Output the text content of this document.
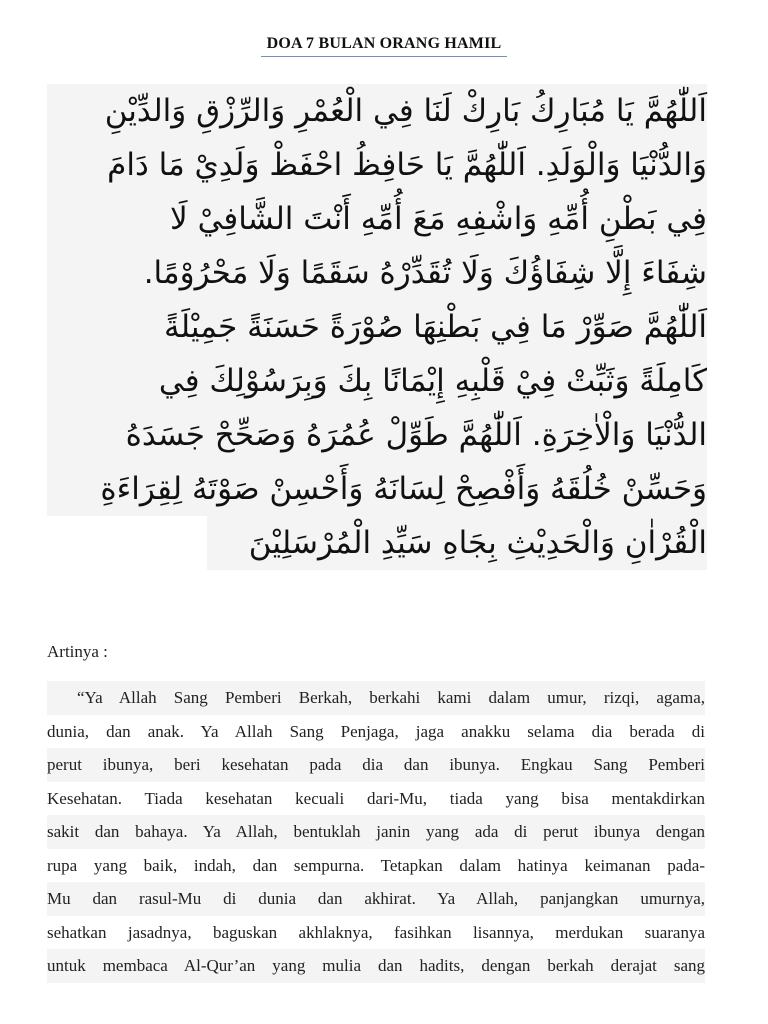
DOA 7 BULAN ORANG HAMIL
اَللّٰهُمَّ يَا مُبَارِكُ بَارِكْ لَنَا فِي الْعُمْرِ وَالرِّزْقِ وَالدِّيْنِ
وَالدُّنْيَا وَالْوَلَدِ. اَللّٰهُمَّ يَا حَافِظُ احْفَظْ وَلَدِيْ مَا دَامَ
فِي بَطْنِ أُمِّهِ وَاشْفِهِ مَعَ أُمِّهِ أَنْتَ الشَّافِيْ لَا
شِفَاءَ إِلَّا شِفَاؤُكَ وَلَا تُقَدِّرْهُ سَقَمًا وَلَا مَحْرُوْمًا.
اَللّٰهُمَّ صَوِّرْ مَا فِي بَطْنِهَا صُوْرَةً حَسَنَةً جَمِيْلَةً
كَامِلَةً وَثَبِّتْ فِيْ قَلْبِهِ إِيْمَانًا بِكَ وَبِرَسُوْلِكَ فِي
الدُّنْيَا وَالْاٰخِرَةِ. اَللّٰهُمَّ طَوِّلْ عُمُرَهُ وَصَحِّحْ جَسَدَهُ
وَحَسِّنْ خُلُقَهُ وَأَفْصِحْ لِسَانَهُ وَأَحْسِنْ صَوْتَهُ لِقِرَاءَةِ
الْقُرْاٰنِ وَالْحَدِيْثِ بِجَاهِ سَيِّدِ الْمُرْسَلِيْنَ
Artinya :
“Ya Allah Sang Pemberi Berkah, berkahi kami dalam umur, rizqi, agama,
dunia, dan anak. Ya Allah Sang Penjaga, jaga anakku selama dia berada di
perut ibunya, beri kesehatan pada dia dan ibunya. Engkau Sang Pemberi
Kesehatan. Tiada kesehatan kecuali dari-Mu, tiada yang bisa mentakdirkan
sakit dan bahaya. Ya Allah, bentuklah janin yang ada di perut ibunya dengan
rupa yang baik, indah, dan sempurna. Tetapkan dalam hatinya keimanan pada-
Mu dan rasul-Mu di dunia dan akhirat. Ya Allah, panjangkan umurnya,
sehatkan jasadnya, baguskan akhlaknya, fasihkan lisannya, merdukan suaranya
untuk membaca Al-Qur’an yang mulia dan hadits, dengan berkah derajat sang
